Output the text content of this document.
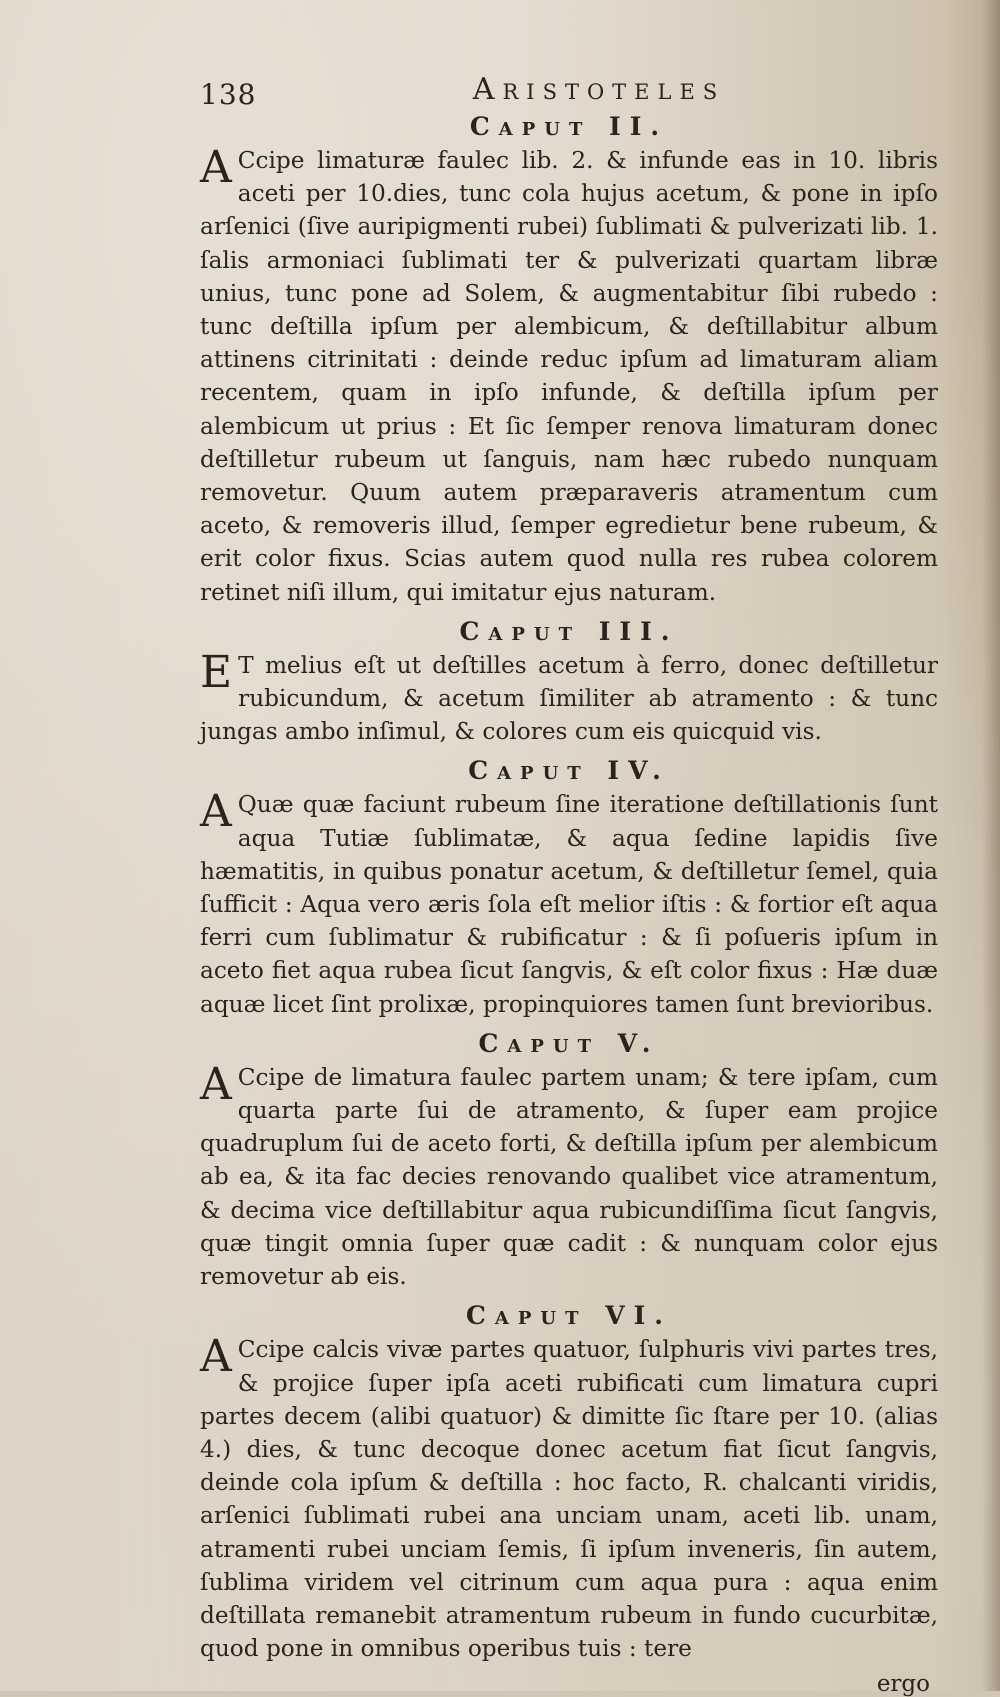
138	Aristoteles
Caput II.

A Ccipe limaturæ faulec lib. 2. & infunde eas in 10. libris aceti per 10.dies, tunc cola hujus acetum, & pone in ipſo arſenici (ſive auripigmenti rubei) ſublimati & pulverizati lib. 1. ſalis armoniaci ſublimati ter & pulverizati quartam libræ unius, tunc pone ad Solem, & augmentabitur ſibi rubedo : tunc deſtilla ipſum per alembicum, & deſtillabitur album attinens citrinitati : deinde reduc ipſum ad limaturam aliam recentem, quam in ipſo infunde, & deſtilla ipſum per alembicum ut prius : Et ſic ſemper renova limaturam donec deſtilletur rubeum ut ſanguis, nam hæc rubedo nunquam removetur. Quum autem præparaveris atramentum cum aceto, & removeris illud, ſemper egredietur bene rubeum, & erit color fixus. Scias autem quod nulla res rubea colorem retinet niſi illum, qui imitatur ejus naturam.

Caput III.

E T melius eſt ut deſtilles acetum à ferro, donec deſtilletur rubicundum, & acetum ſimiliter ab atramento : & tunc jungas ambo inſimul, & colores cum eis quicquid vis.

Caput IV.

A Quæ quæ faciunt rubeum ſine iteratione deſtillationis ſunt aqua Tutiæ ſublimatæ, & aqua ſedine lapidis ſive hæmatitis, in quibus ponatur acetum, & deſtilletur ſemel, quia ſufficit : Aqua vero æris ſola eſt melior iſtis : & fortior eſt aqua ferri cum ſublimatur & rubificatur : & ſi poſueris ipſum in aceto fiet aqua rubea ſicut ſangvis, & eſt color fixus : Hæ duæ aquæ licet ſint prolixæ, propinquiores tamen ſunt brevioribus.

Caput V.

A Ccipe de limatura faulec partem unam; & tere ipſam, cum quarta parte ſui de atramento, & ſuper eam projice quadruplum ſui de aceto forti, & deſtilla ipſum per alembicum ab ea, & ita fac decies renovando qualibet vice atramentum, & decima vice deſtillabitur aqua rubicundiſſima ſicut ſangvis, quæ tingit omnia ſuper quæ cadit : & nunquam color ejus removetur ab eis.

Caput VI.

A Ccipe calcis vivæ partes quatuor, ſulphuris vivi partes tres, & projice ſuper ipſa aceti rubificati cum limatura cupri partes decem (alibi quatuor) & dimitte ſic ſtare per 10. (alias 4.) dies, & tunc decoque donec acetum fiat ſicut ſangvis, deinde cola ipſum & deſtilla : hoc facto, R. chalcanti viridis, arſenici ſublimati rubei ana unciam unam, aceti lib. unam, atramenti rubei unciam ſemis, ſi ipſum inveneris, ſin autem, ſublima viridem vel citrinum cum aqua pura : aqua enim deſtillata remanebit atramentum rubeum in fundo cucurbitæ, quod pone in omnibus operibus tuis : tere

ergo
